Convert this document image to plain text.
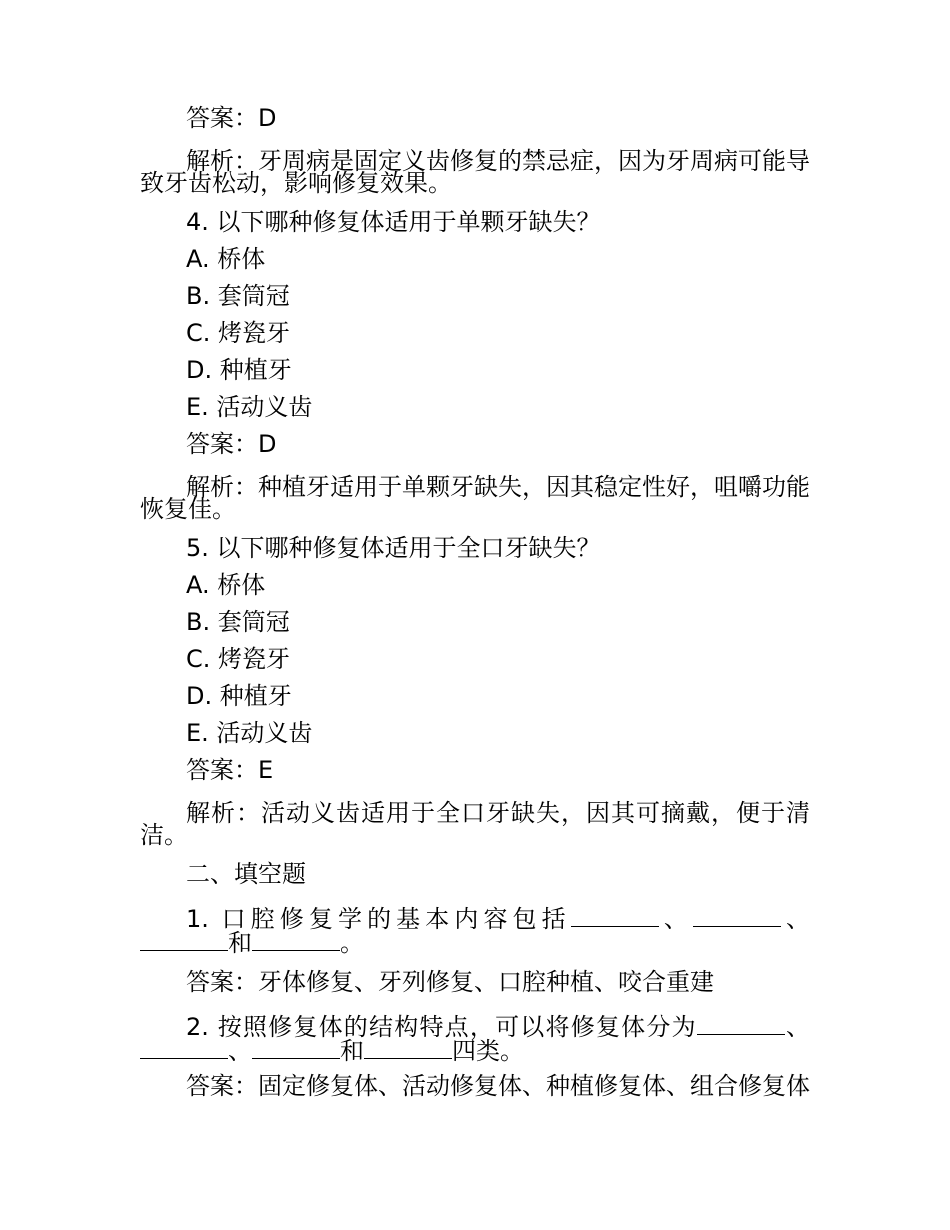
答案：D
解析：牙周病是固定义齿修复的禁忌症，因为牙周病可能导致牙齿松动，影响修复效果。
4. 以下哪种修复体适用于单颗牙缺失？
A. 桥体
B. 套筒冠
C. 烤瓷牙
D. 种植牙
E. 活动义齿
答案：D
解析：种植牙适用于单颗牙缺失，因其稳定性好，咀嚼功能恢复佳。
5. 以下哪种修复体适用于全口牙缺失？
A. 桥体
B. 套筒冠
C. 烤瓷牙
D. 种植牙
E. 活动义齿
答案：E
解析：活动义齿适用于全口牙缺失，因其可摘戴，便于清洁。
二、填空题
1. 口腔修复学的基本内容包括	、	、和	。
答案：牙体修复、牙列修复、口腔种植、咬合重建
2. 按照修复体的结构特点，可以将修复体分为	、、	和	四类。
答案：固定修复体、活动修复体、种植修复体、组合修复体
